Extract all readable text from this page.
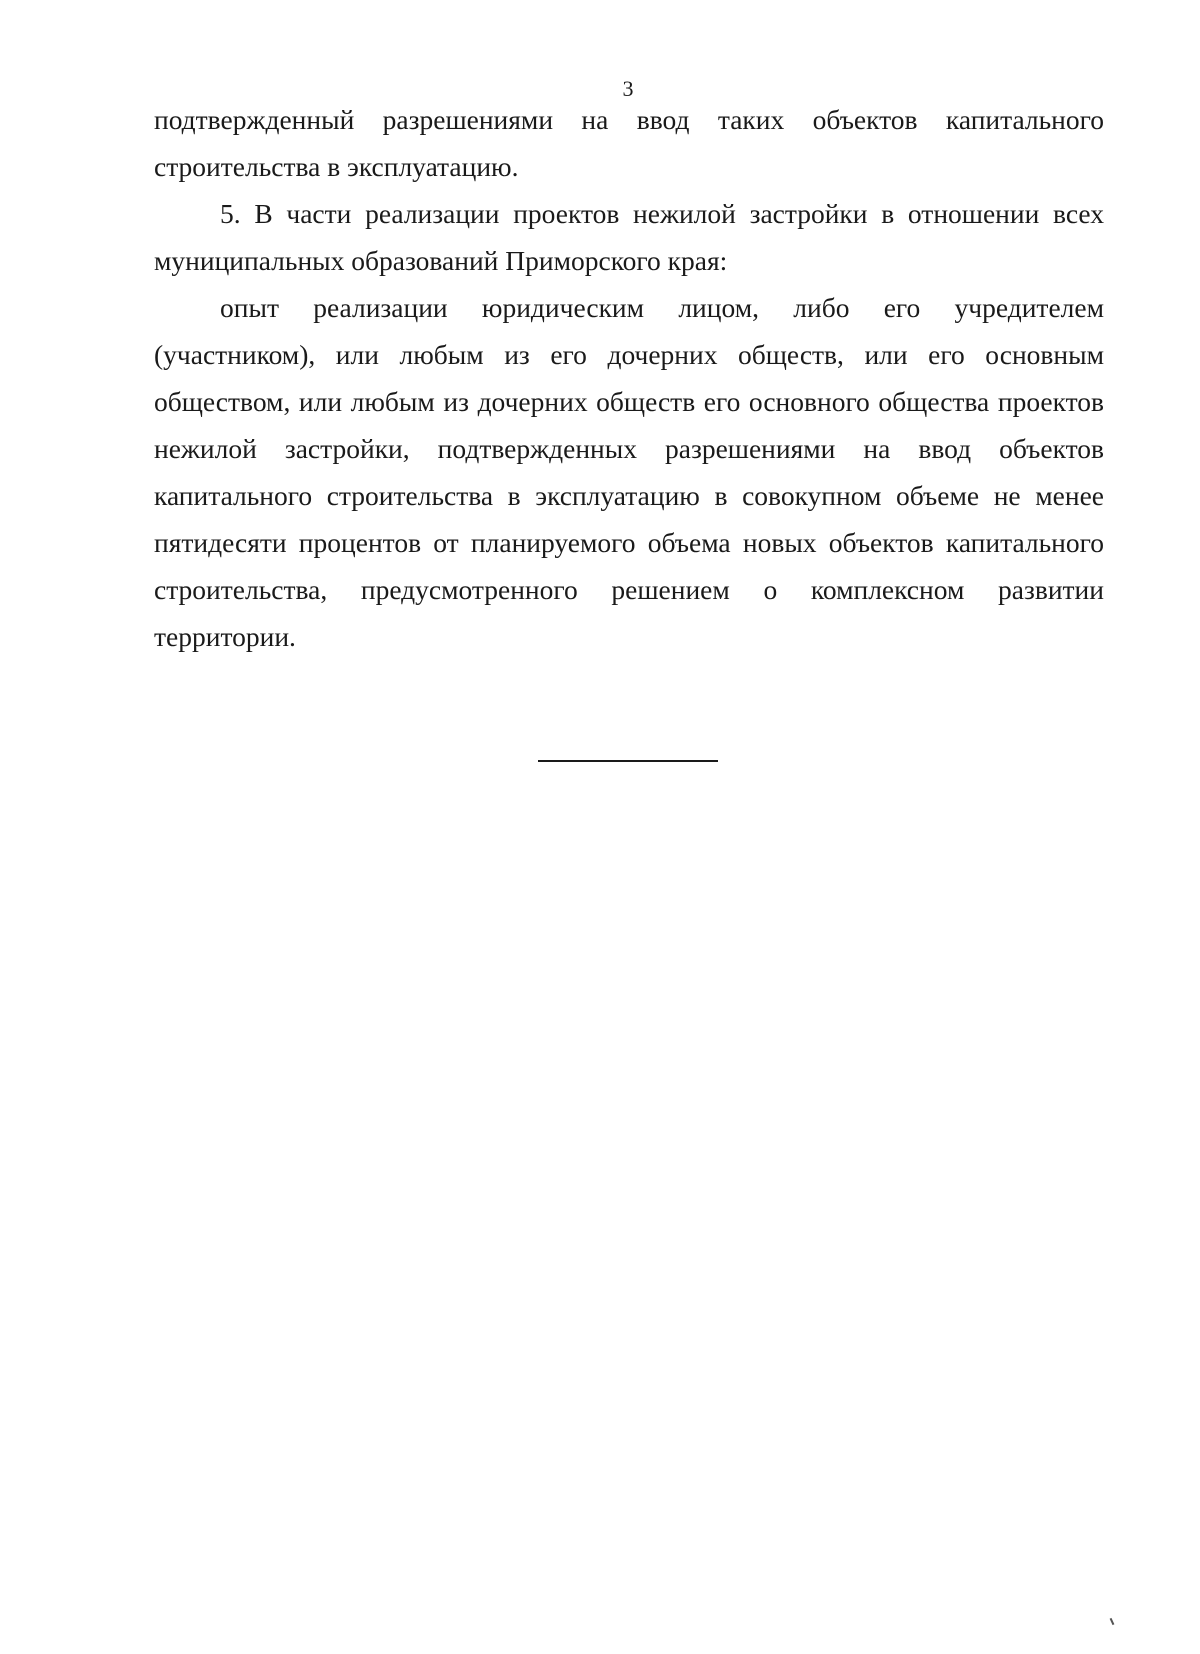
3

подтвержденный разрешениями на ввод таких объектов капитального строительства в эксплуатацию.

5. В части реализации проектов нежилой застройки в отношении всех муниципальных образований Приморского края:

опыт реализации юридическим лицом, либо его учредителем (участником), или любым из его дочерних обществ, или его основным обществом, или любым из дочерних обществ его основного общества проектов нежилой застройки, подтвержденных разрешениями на ввод объектов капитального строительства в эксплуатацию в совокупном объеме не менее пятидесяти процентов от планируемого объема новых объектов капитального строительства, предусмотренного решением о комплексном развитии территории.
